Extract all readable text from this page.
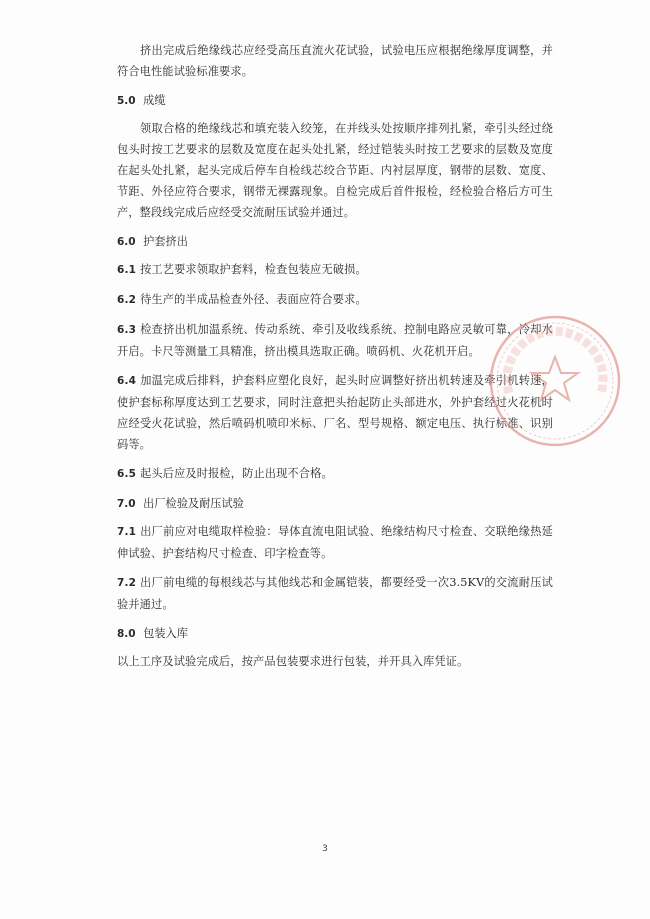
挤出完成后绝缘线芯应经受高压直流火花试验，试验电压应根据绝缘厚度调整，并符合电性能试验标准要求。

5.0 成缆

领取合格的绝缘线芯和填充装入绞笼，在并线头处按顺序排列扎紧，牵引头经过绕包头时按工艺要求的层数及宽度在起头处扎紧，经过铠装头时按工艺要求的层数及宽度在起头处扎紧，起头完成后停车自检线芯绞合节距、内衬层厚度，钢带的层数、宽度、节距、外径应符合要求，钢带无裸露现象。自检完成后首件报检，经检验合格后方可生产，整段线完成后应经受交流耐压试验并通过。

6.0 护套挤出

6.1 按工艺要求领取护套料，检查包装应无破损。

6.2 待生产的半成品检查外径、表面应符合要求。

6.3 检查挤出机加温系统、传动系统、牵引及收线系统、控制电路应灵敏可靠，冷却水开启。卡尺等测量工具精准，挤出模具选取正确。喷码机、火花机开启。

6.4 加温完成后排料，护套料应塑化良好，起头时应调整好挤出机转速及牵引机转速，使护套标称厚度达到工艺要求，同时注意把头抬起防止头部进水，外护套经过火花机时应经受火花试验，然后喷码机喷印米标、厂名、型号规格、额定电压、执行标准、识别码等。

6.5 起头后应及时报检，防止出现不合格。

7.0 出厂检验及耐压试验

7.1 出厂前应对电缆取样检验：导体直流电阻试验、绝缘结构尺寸检查、交联绝缘热延伸试验、护套结构尺寸检查、印字检查等。

7.2 出厂前电缆的每根线芯与其他线芯和金属铠装，都要经受一次3.5KV的交流耐压试验并通过。

8.0 包装入库

以上工序及试验完成后，按产品包装要求进行包装，并开具入库凭证。

3
